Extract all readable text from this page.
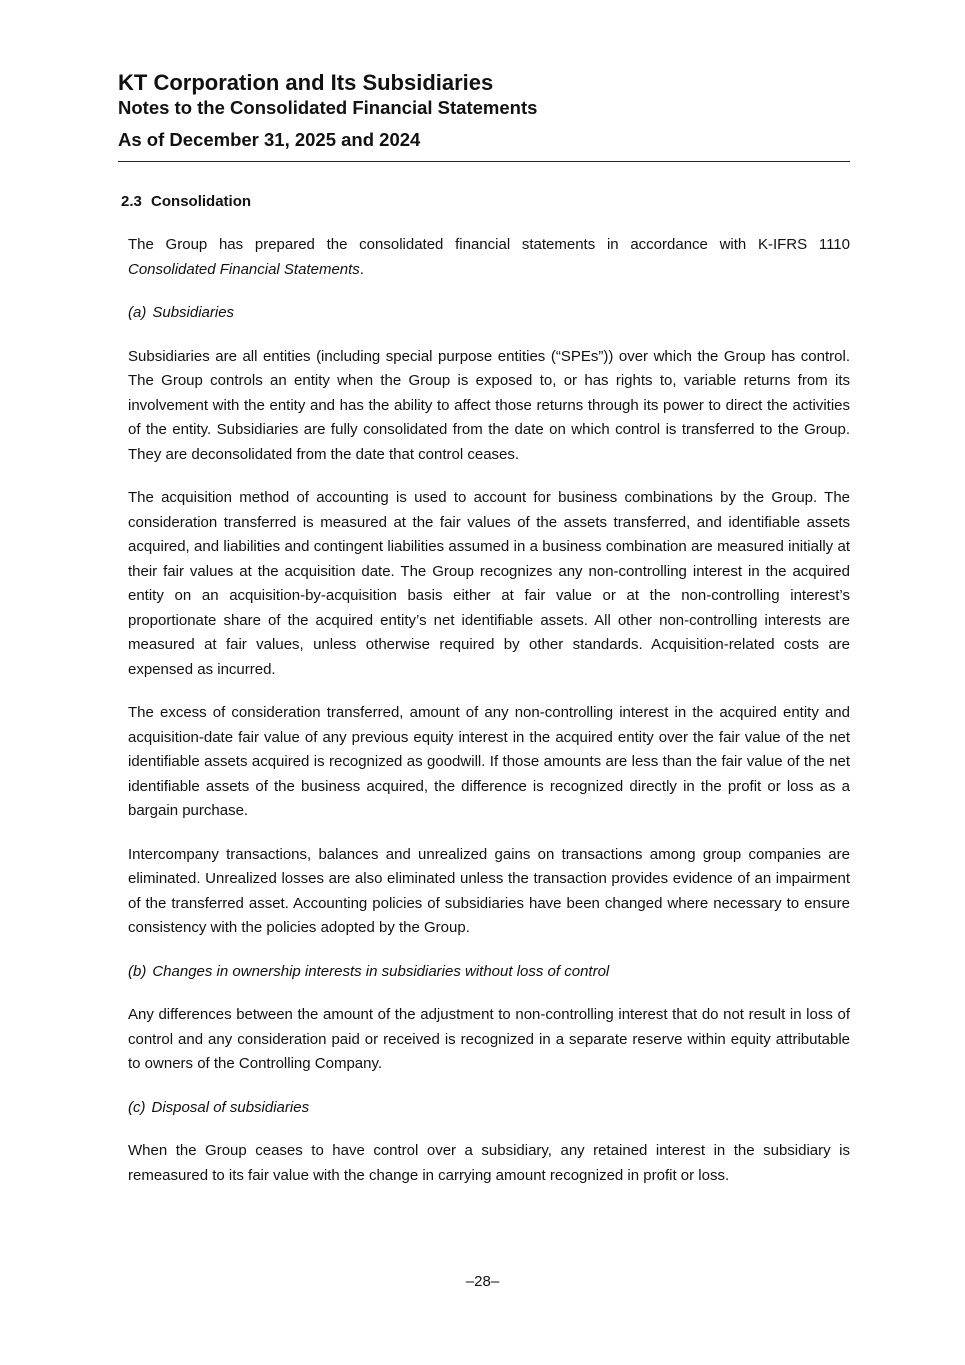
KT Corporation and Its Subsidiaries

Notes to the Consolidated Financial Statements

As of December 31, 2025 and 2024

2.3 Consolidation

The Group has prepared the consolidated financial statements in accordance with K-IFRS 1110 Consolidated Financial Statements.

(a) Subsidiaries

Subsidiaries are all entities (including special purpose entities (“SPEs”)) over which the Group has control. The Group controls an entity when the Group is exposed to, or has rights to, variable returns from its involvement with the entity and has the ability to affect those returns through its power to direct the activities of the entity. Subsidiaries are fully consolidated from the date on which control is transferred to the Group. They are deconsolidated from the date that control ceases.

The acquisition method of accounting is used to account for business combinations by the Group. The consideration transferred is measured at the fair values of the assets transferred, and identifiable assets acquired, and liabilities and contingent liabilities assumed in a business combination are measured initially at their fair values at the acquisition date. The Group recognizes any non-controlling interest in the acquired entity on an acquisition-by-acquisition basis either at fair value or at the non-controlling interest’s proportionate share of the acquired entity’s net identifiable assets. All other non-controlling interests are measured at fair values, unless otherwise required by other standards. Acquisition-related costs are expensed as incurred.

The excess of consideration transferred, amount of any non-controlling interest in the acquired entity and acquisition-date fair value of any previous equity interest in the acquired entity over the fair value of the net identifiable assets acquired is recognized as goodwill. If those amounts are less than the fair value of the net identifiable assets of the business acquired, the difference is recognized directly in the profit or loss as a bargain purchase.

Intercompany transactions, balances and unrealized gains on transactions among group companies are eliminated. Unrealized losses are also eliminated unless the transaction provides evidence of an impairment of the transferred asset. Accounting policies of subsidiaries have been changed where necessary to ensure consistency with the policies adopted by the Group.

(b) Changes in ownership interests in subsidiaries without loss of control

Any differences between the amount of the adjustment to non-controlling interest that do not result in loss of control and any consideration paid or received is recognized in a separate reserve within equity attributable to owners of the Controlling Company.

(c) Disposal of subsidiaries

When the Group ceases to have control over a subsidiary, any retained interest in the subsidiary is remeasured to its fair value with the change in carrying amount recognized in profit or loss.

–28–
